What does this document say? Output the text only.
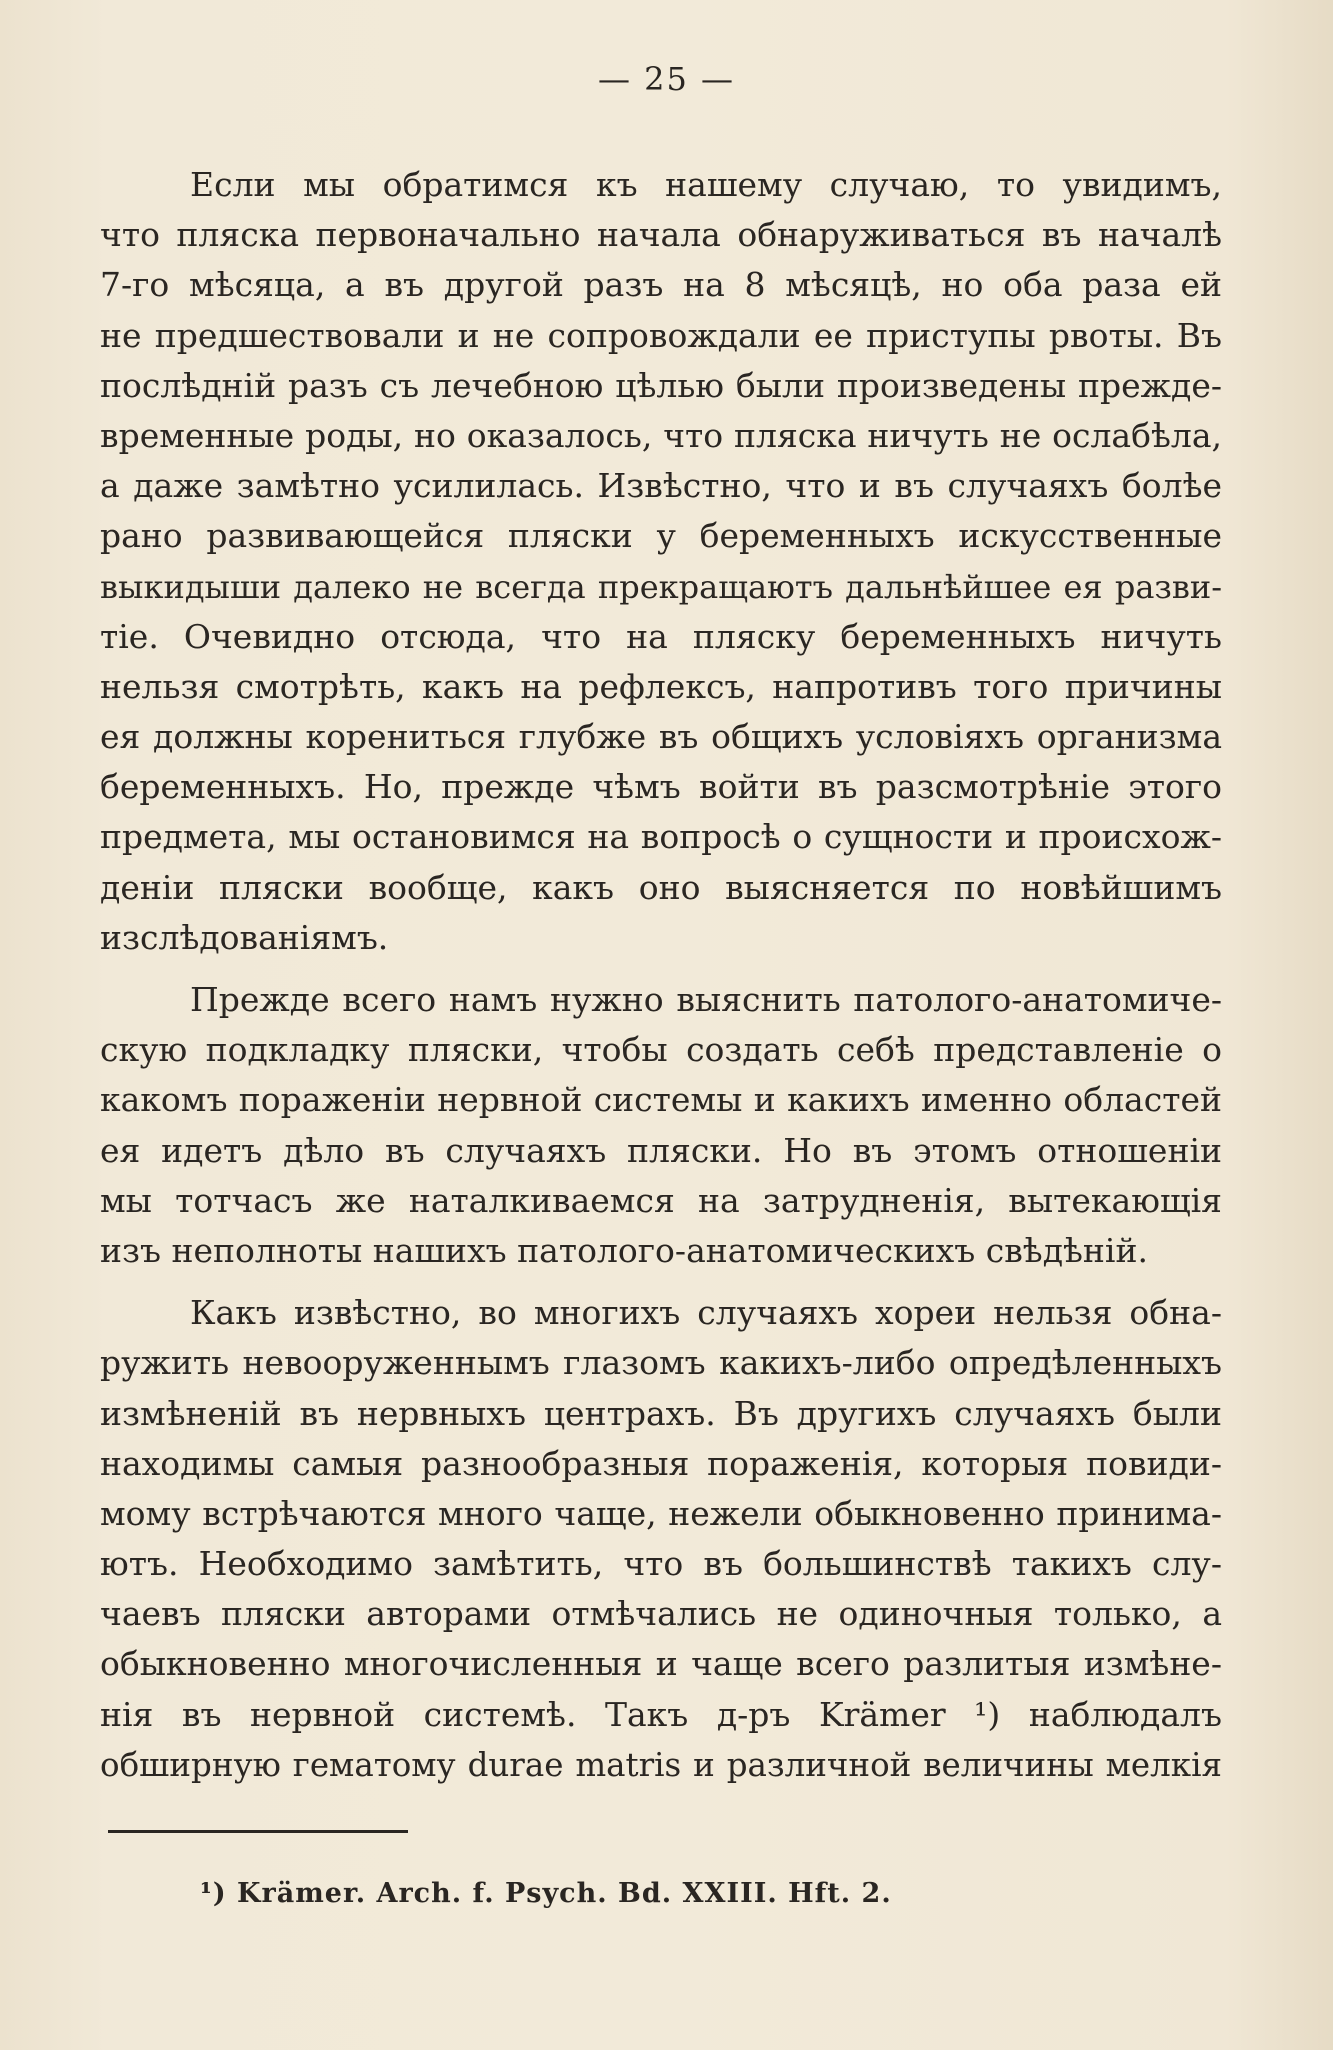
— 25 —
Если мы обратимся къ нашему случаю, то увидимъ,
что пляска первоначально начала обнаруживаться въ началѣ
7-го мѣсяца, а въ другой разъ на 8 мѣсяцѣ, но оба раза ей
не предшествовали и не сопровождали ее приступы рвоты. Въ
послѣдній разъ съ лечебною цѣлью были произведены преждe-
временные роды, но оказалось, что пляска ничуть не ослабѣла,
а даже замѣтно усилилась. Извѣстно, что и въ случаяхъ болѣе
рано развивающейся пляски у беременныхъ искусственные
выкидыши далеко не всегда прекращаютъ дальнѣйшее ея разви-
тiе. Очевидно отсюда, что на пляску беременныхъ ничуть
нельзя смотрѣть, какъ на рефлексъ, напротивъ того причины
ея должны корениться глубже въ общихъ условiяхъ организма
беременныхъ. Но, прежде чѣмъ войти въ разсмотрѣнiе этого
предмета, мы остановимся на вопросѣ о сущности и происхож-
денiи пляски вообще, какъ оно выясняется по новѣйшимъ
изслѣдованiямъ.
Прежде всего намъ нужно выяснить патолого-анатомиче-
скую подкладку пляски, чтобы создать себѣ представленiе о
какомъ пораженiи нервной системы и какихъ именно областей
ея идетъ дѣло въ случаяхъ пляски. Но въ этомъ отношенiи
мы тотчасъ же наталкиваемся на затрудненiя, вытекающiя
изъ неполноты нашихъ патолого-анатомическихъ свѣдѣнiй.
Какъ извѣстно, во многихъ случаяхъ хореи нельзя обна-
ружить невооруженнымъ глазомъ какихъ-либо опредѣленныхъ
измѣненiй въ нервныхъ центрахъ. Въ другихъ случаяхъ были
находимы самыя разнообразныя пораженiя, которыя повиди-
мому встрѣчаются много чаще, нежели обыкновенно принима-
ютъ. Необходимо замѣтить, что въ большинствѣ такихъ слу-
чаевъ пляски авторами отмѣчались не одиночныя только, а
обыкновенно многочисленныя и чаще всего разлитыя измѣне-
нiя въ нервной системѣ. Такъ д-ръ Krämer ¹) наблюдалъ
обширную гематому durae matris и различной величины мелкiя
¹) Krämer. Arch. f. Psych. Bd. XXIII. Hft. 2.
